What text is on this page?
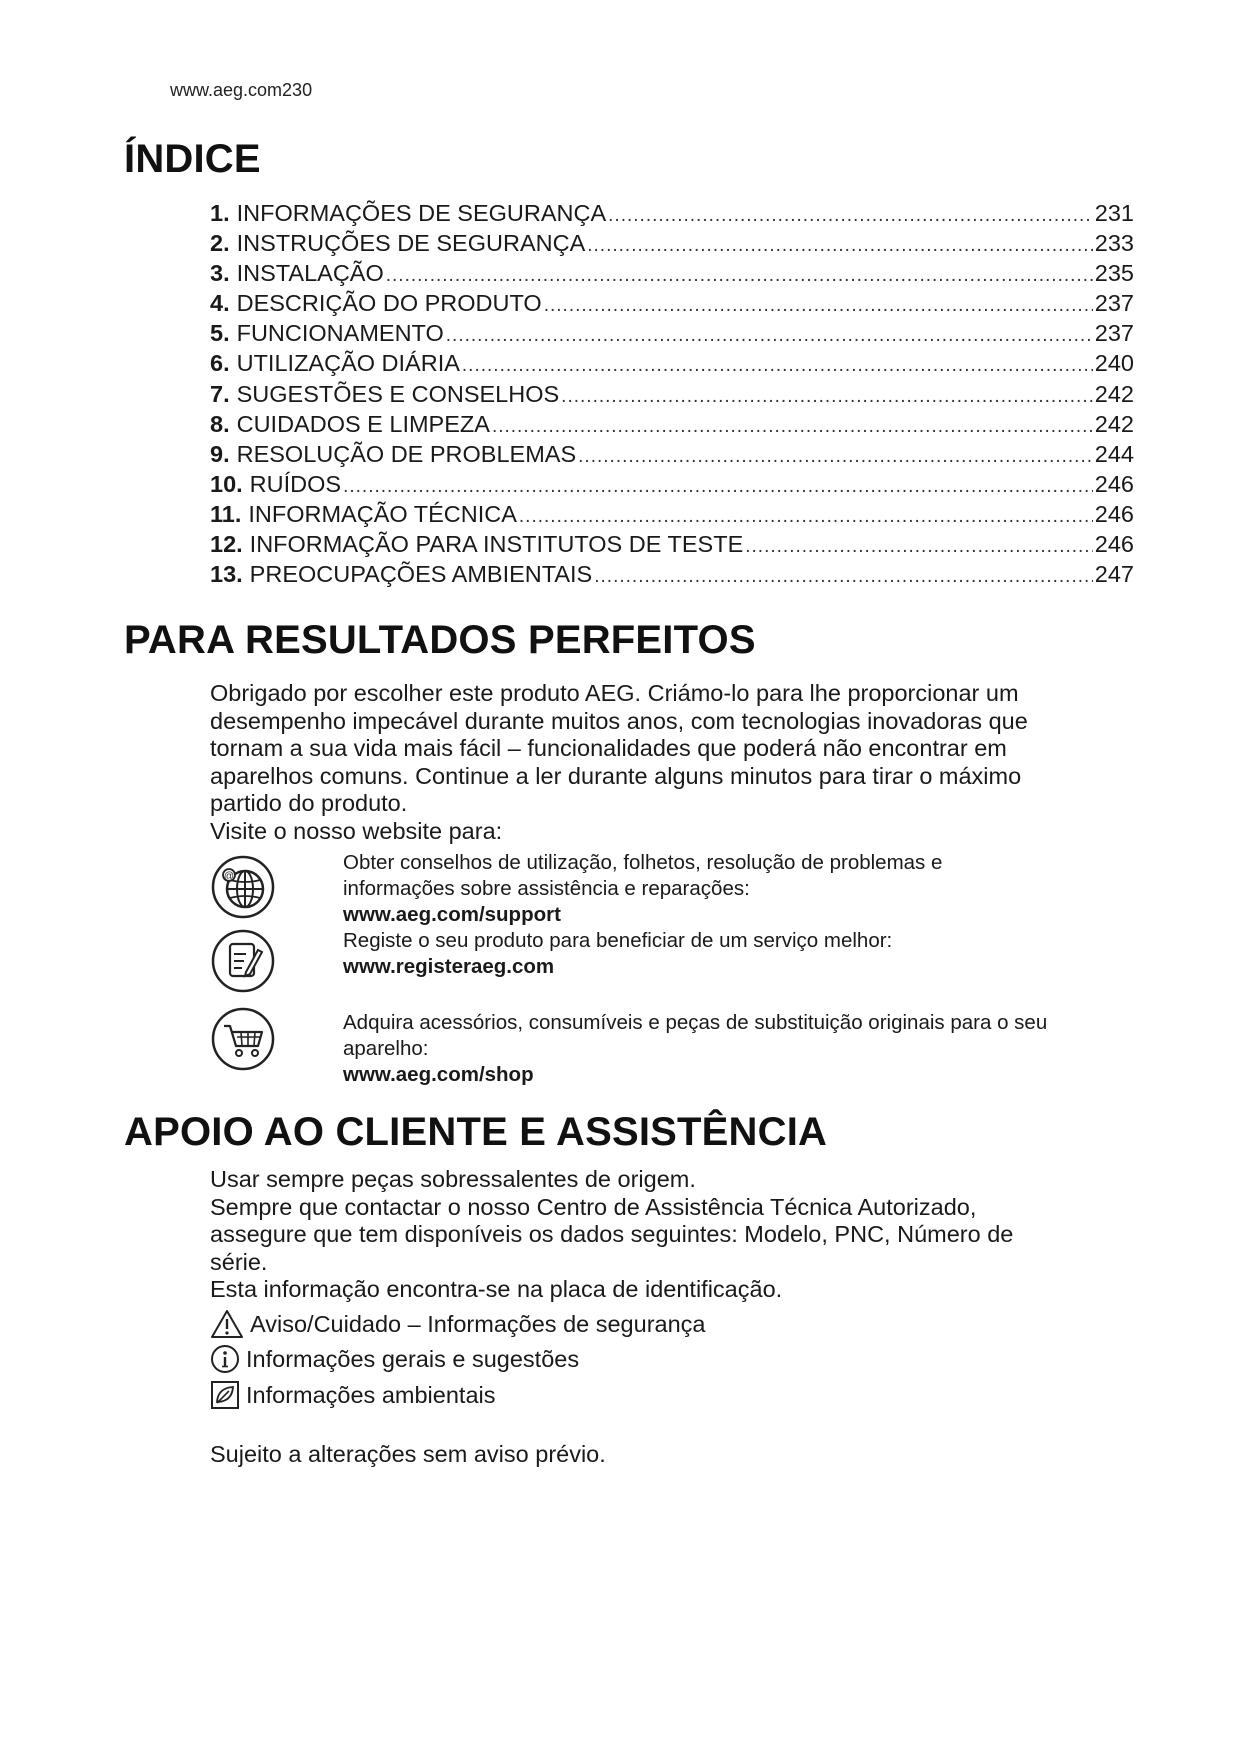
www.aeg.com230
ÍNDICE
1. INFORMAÇÕES DE SEGURANÇA .....	231
2. INSTRUÇÕES DE SEGURANÇA .....	233
3. INSTALAÇÃO .....	235
4. DESCRIÇÃO DO PRODUTO .....	237
5. FUNCIONAMENTO .....	237
6. UTILIZAÇÃO DIÁRIA .....	240
7. SUGESTÕES E CONSELHOS .....	242
8. CUIDADOS E LIMPEZA .....	242
9. RESOLUÇÃO DE PROBLEMAS .....	244
10. RUÍDOS .....	246
11. INFORMAÇÃO TÉCNICA .....	246
12. INFORMAÇÃO PARA INSTITUTOS DE TESTE .....	246
13. PREOCUPAÇÕES AMBIENTAIS .....	247
PARA RESULTADOS PERFEITOS
Obrigado por escolher este produto AEG. Criámo-lo para lhe proporcionar um
desempenho impecável durante muitos anos, com tecnologias inovadoras que
tornam a sua vida mais fácil – funcionalidades que poderá não encontrar em
aparelhos comuns. Continue a ler durante alguns minutos para tirar o máximo
partido do produto.
Visite o nosso website para:
@
Obter conselhos de utilização, folhetos, resolução de problemas e
informações sobre assistência e reparações:
www.aeg.com/support
Registe o seu produto para beneficiar de um serviço melhor:
www.registeraeg.com
Adquira acessórios, consumíveis e peças de substituição originais para o seu
aparelho:
www.aeg.com/shop
APOIO AO CLIENTE E ASSISTÊNCIA
Usar sempre peças sobressalentes de origem.
Sempre que contactar o nosso Centro de Assistência Técnica Autorizado,
assegure que tem disponíveis os dados seguintes: Modelo, PNC, Número de
série.
Esta informação encontra-se na placa de identificação.
Aviso/Cuidado – Informações de segurança
Informações gerais e sugestões
Informações ambientais
Sujeito a alterações sem aviso prévio.
